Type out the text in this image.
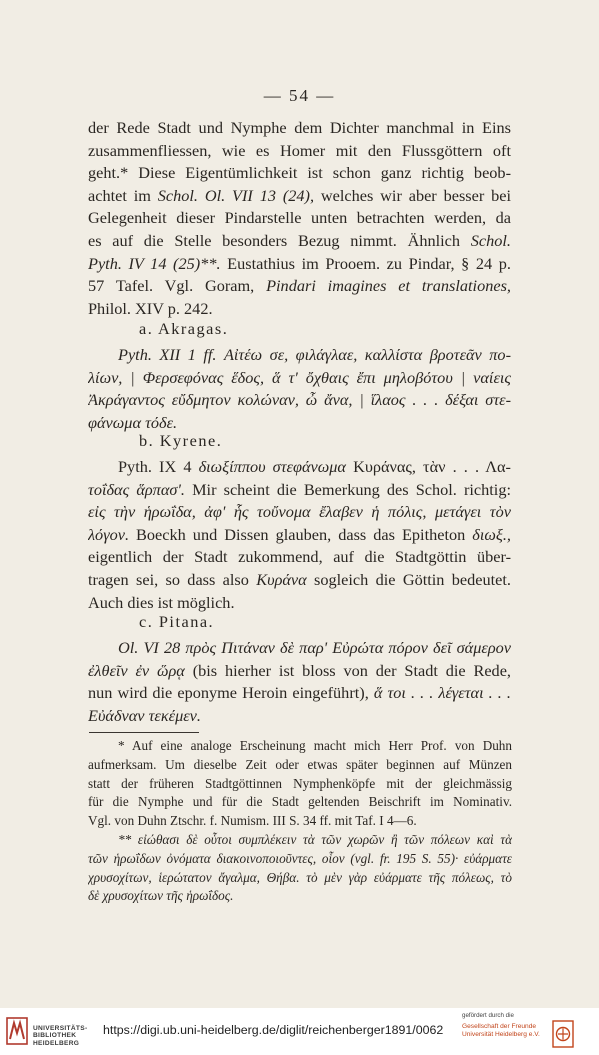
— 54 —
der Rede Stadt und Nymphe dem Dichter manchmal in Eins
zusammenfliessen, wie es Homer mit den Flussgöttern oft
geht.* Diese Eigentümlichkeit ist schon ganz richtig beob-
achtet im Schol. Ol. VII 13 (24), welches wir aber besser bei
Gelegenheit dieser Pindarstelle unten betrachten werden, da
es auf die Stelle besonders Bezug nimmt. Ähnlich Schol.
Pyth. IV 14 (25)**. Eustathius im Prooem. zu Pindar, § 24 p.
57 Tafel. Vgl. Goram, Pindari imagines et translationes,
Philol. XIV p. 242.
a. Akragas.
Pyth. XII 1 ff. Αἰτέω σε, φιλάγλαε, καλλίστα βροτεᾶν πο-
λίων, | Φερσεφόνας ἕδος, ἅ τ' ὄχθαις ἔπι μηλοβότου | ναίεις
Ἀκράγαντος εὔδμητον κολώναν, ὦ ἄνα, | ἵλαος . . . δέξαι στε-
φάνωμα τόδε.
b. Kyrene.
Pyth. IX 4 διωξίππου στεφάνωμα Κυράνας, τὰν . . . Λα-
τοΐδας ἅρπασ'. Mir scheint die Bemerkung des Schol. richtig:
εἰς τὴν ἡρωΐδα, ἀφ' ἧς τοὔνομα ἔλαβεν ἡ πόλις, μετάγει τὸν
λόγον. Boeckh und Dissen glauben, dass das Epitheton διωξ.,
eigentlich der Stadt zukommend, auf die Stadtgöttin über-
tragen sei, so dass also Κυράνα sogleich die Göttin bedeutet.
Auch dies ist möglich.
c. Pitana.
Ol. VI 28 πρὸς Πιτάναν δὲ παρ' Εὐρώτα πόρον δεῖ σάμερον
ἐλθεῖν ἐν ὥρᾳ (bis hierher ist bloss von der Stadt die Rede,
nun wird die eponyme Heroin eingeführt), ἅ τοι . . . λέγεται . . .
Εὐάδναν τεκέμεν.
* Auf eine analoge Erscheinung macht mich Herr Prof. von Duhn
aufmerksam. Um dieselbe Zeit oder etwas später beginnen auf Münzen
statt der früheren Stadtgöttinnen Nymphenköpfe mit der gleichmässig
für die Nymphe und für die Stadt geltenden Beischrift im Nominativ.
Vgl. von Duhn Ztschr. f. Numism. III S. 34 ff. mit Taf. I 4—6.
** εἰώθασι δὲ οὗτοι συμπλέκειν τὰ τῶν χωρῶν ἢ τῶν πόλεων καὶ τὰ
τῶν ἡρωΐδων ὀνόματα διακοινοποιοῦντες, οἷον (vgl. fr. 195 S. 55)· εὐάρματε
χρυσοχίτων, ἱερώτατον ἄγαλμα, Θήβα. τὸ μὲν γὰρ εὐάρματε τῆς πόλεως, τὸ
δὲ χρυσοχίτων τῆς ἡρωΐδος.
UNIVERSITÄTS-
BIBLIOTHEK
HEIDELBERG
https://digi.ub.uni-heidelberg.de/diglit/reichenberger1891/0062
gefördert durch die
Gesellschaft der Freunde
Universität Heidelberg e.V.
